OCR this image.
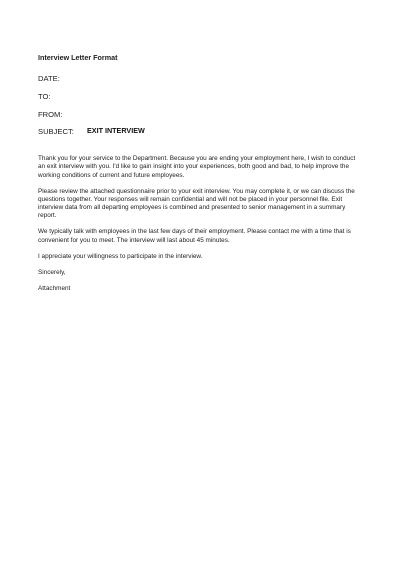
Interview Letter Format
DATE:
TO:
FROM:
SUBJECT: EXIT INTERVIEW

Thank you for your service to the Department. Because you are ending your employment here, I wish to conduct
an exit interview with you. I'd like to gain insight into your experiences, both good and bad, to help improve the
working conditions of current and future employees.

Please review the attached questionnaire prior to your exit interview. You may complete it, or we can discuss the
questions together. Your responses will remain confidential and will not be placed in your personnel file. Exit
interview data from all departing employees is combined and presented to senior management in a summary
report.

We typically talk with employees in the last few days of their employment. Please contact me with a time that is
convenient for you to meet. The interview will last about 45 minutes.

I appreciate your willingness to participate in the interview.

Sincerely,

Attachment
